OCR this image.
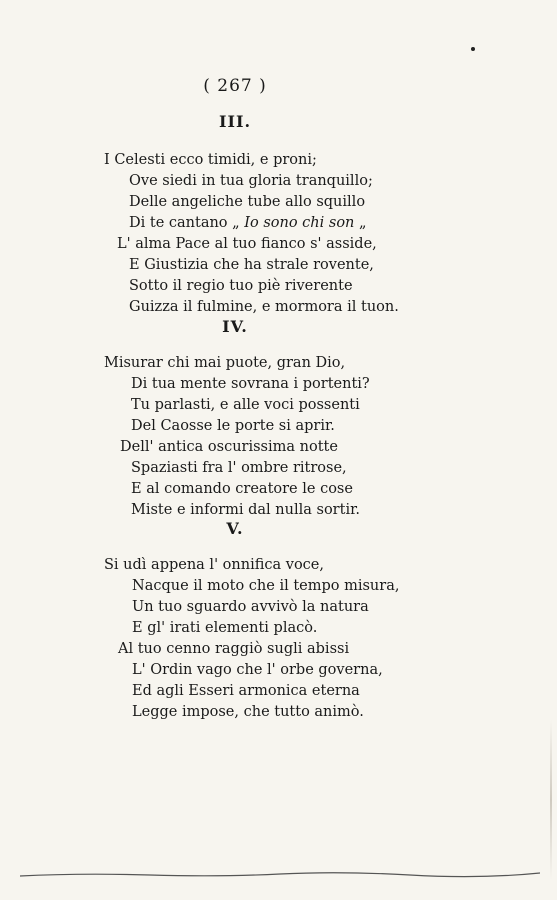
( 267 )
III.
I Celesti ecco timidi, e proni;
Ove siedi in tua gloria tranquillo;
Delle angeliche tube allo squillo
Di te cantano „ Io sono chi son „
L' alma Pace al tuo fianco s' asside,
E Giustizia che ha strale rovente,
Sotto il regio tuo piè riverente
Guizza il fulmine, e mormora il tuon.
IV.
Misurar chi mai puote, gran Dio,
Di tua mente sovrana i portenti?
Tu parlasti, e alle voci possenti
Del Caosse le porte si aprir.
Dell' antica oscurissima notte
Spaziasti fra l' ombre ritrose,
E al comando creatore le cose
Miste e informi dal nulla sortir.
V.
Si udì appena l' onnifica voce,
Nacque il moto che il tempo misura,
Un tuo sguardo avvivò la natura
E gl' irati elementi placò.
Al tuo cenno raggiò sugli abissi
L' Ordin vago che l' orbe governa,
Ed agli Esseri armonica eterna
Legge impose, che tutto animò.
